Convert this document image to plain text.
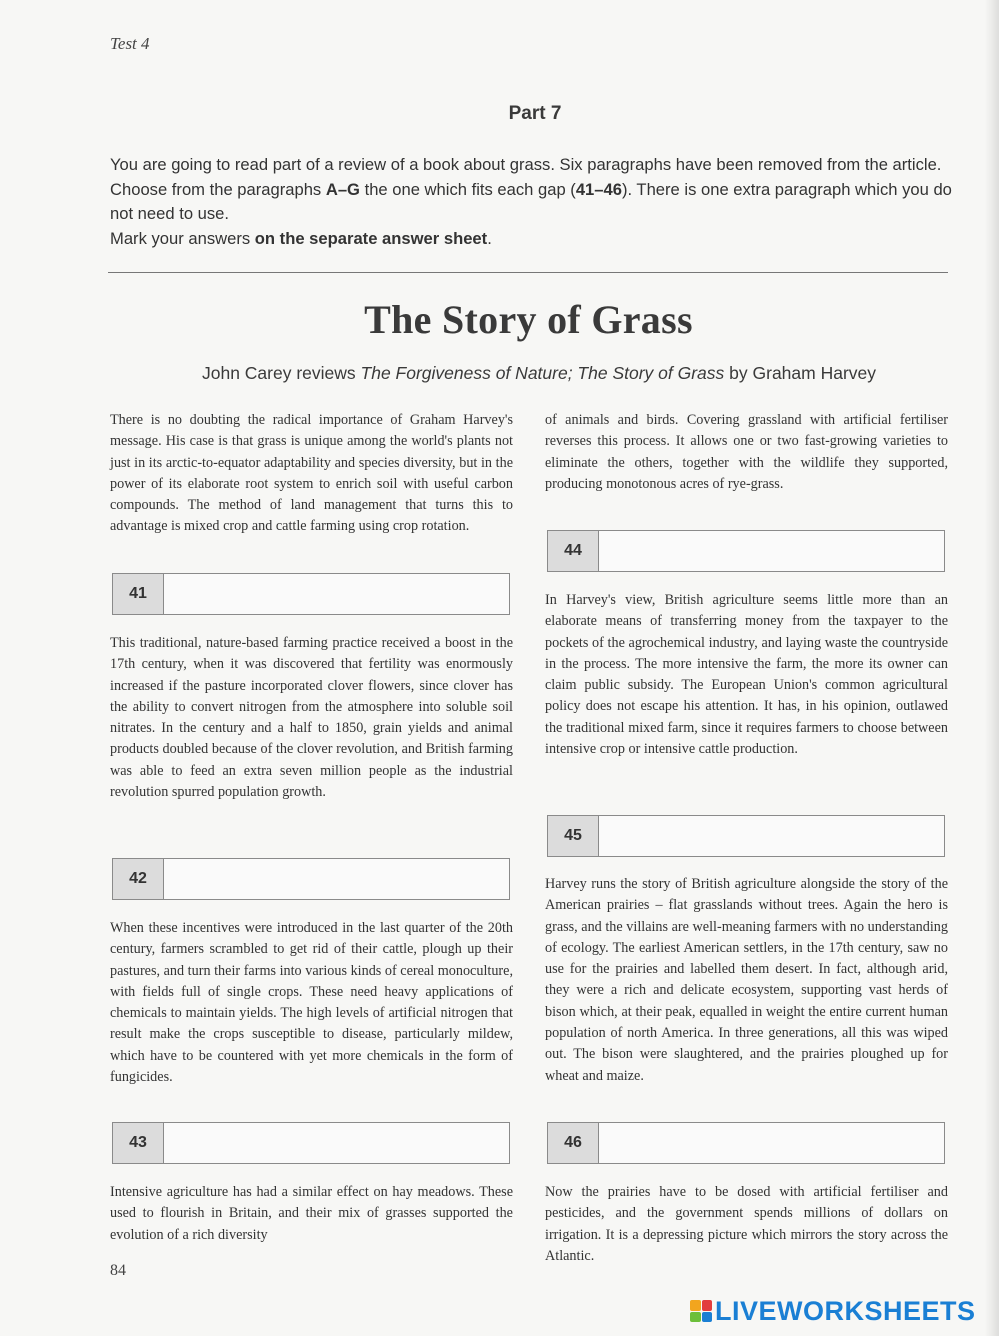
Test 4
Part 7
You are going to read part of a review of a book about grass. Six paragraphs have been removed from the article. Choose from the paragraphs A–G the one which fits each gap (41–46). There is one extra paragraph which you do not need to use.
Mark your answers on the separate answer sheet.
The Story of Grass
John Carey reviews The Forgiveness of Nature; The Story of Grass by Graham Harvey
There is no doubting the radical importance of Graham Harvey's message. His case is that grass is unique among the world's plants not just in its arctic-to-equator adaptability and species diversity, but in the power of its elaborate root system to enrich soil with useful carbon compounds. The method of land management that turns this to advantage is mixed crop and cattle farming using crop rotation.
41
This traditional, nature-based farming practice received a boost in the 17th century, when it was discovered that fertility was enormously increased if the pasture incorporated clover flowers, since clover has the ability to convert nitrogen from the atmosphere into soluble soil nitrates. In the century and a half to 1850, grain yields and animal products doubled because of the clover revolution, and British farming was able to feed an extra seven million people as the industrial revolution spurred population growth.
42
When these incentives were introduced in the last quarter of the 20th century, farmers scrambled to get rid of their cattle, plough up their pastures, and turn their farms into various kinds of cereal monoculture, with fields full of single crops. These need heavy applications of chemicals to maintain yields. The high levels of artificial nitrogen that result make the crops susceptible to disease, particularly mildew, which have to be countered with yet more chemicals in the form of fungicides.
43
Intensive agriculture has had a similar effect on hay meadows. These used to flourish in Britain, and their mix of grasses supported the evolution of a rich diversity
of animals and birds. Covering grassland with artificial fertiliser reverses this process. It allows one or two fast-growing varieties to eliminate the others, together with the wildlife they supported, producing monotonous acres of rye-grass.
44
In Harvey's view, British agriculture seems little more than an elaborate means of transferring money from the taxpayer to the pockets of the agrochemical industry, and laying waste the countryside in the process. The more intensive the farm, the more its owner can claim public subsidy. The European Union's common agricultural policy does not escape his attention. It has, in his opinion, outlawed the traditional mixed farm, since it requires farmers to choose between intensive crop or intensive cattle production.
45
Harvey runs the story of British agriculture alongside the story of the American prairies – flat grasslands without trees. Again the hero is grass, and the villains are well-meaning farmers with no understanding of ecology. The earliest American settlers, in the 17th century, saw no use for the prairies and labelled them desert. In fact, although arid, they were a rich and delicate ecosystem, supporting vast herds of bison which, at their peak, equalled in weight the entire current human population of north America. In three generations, all this was wiped out. The bison were slaughtered, and the prairies ploughed up for wheat and maize.
46
Now the prairies have to be dosed with artificial fertiliser and pesticides, and the government spends millions of dollars on irrigation. It is a depressing picture which mirrors the story across the Atlantic.
84
LIVEWORKSHEETS
